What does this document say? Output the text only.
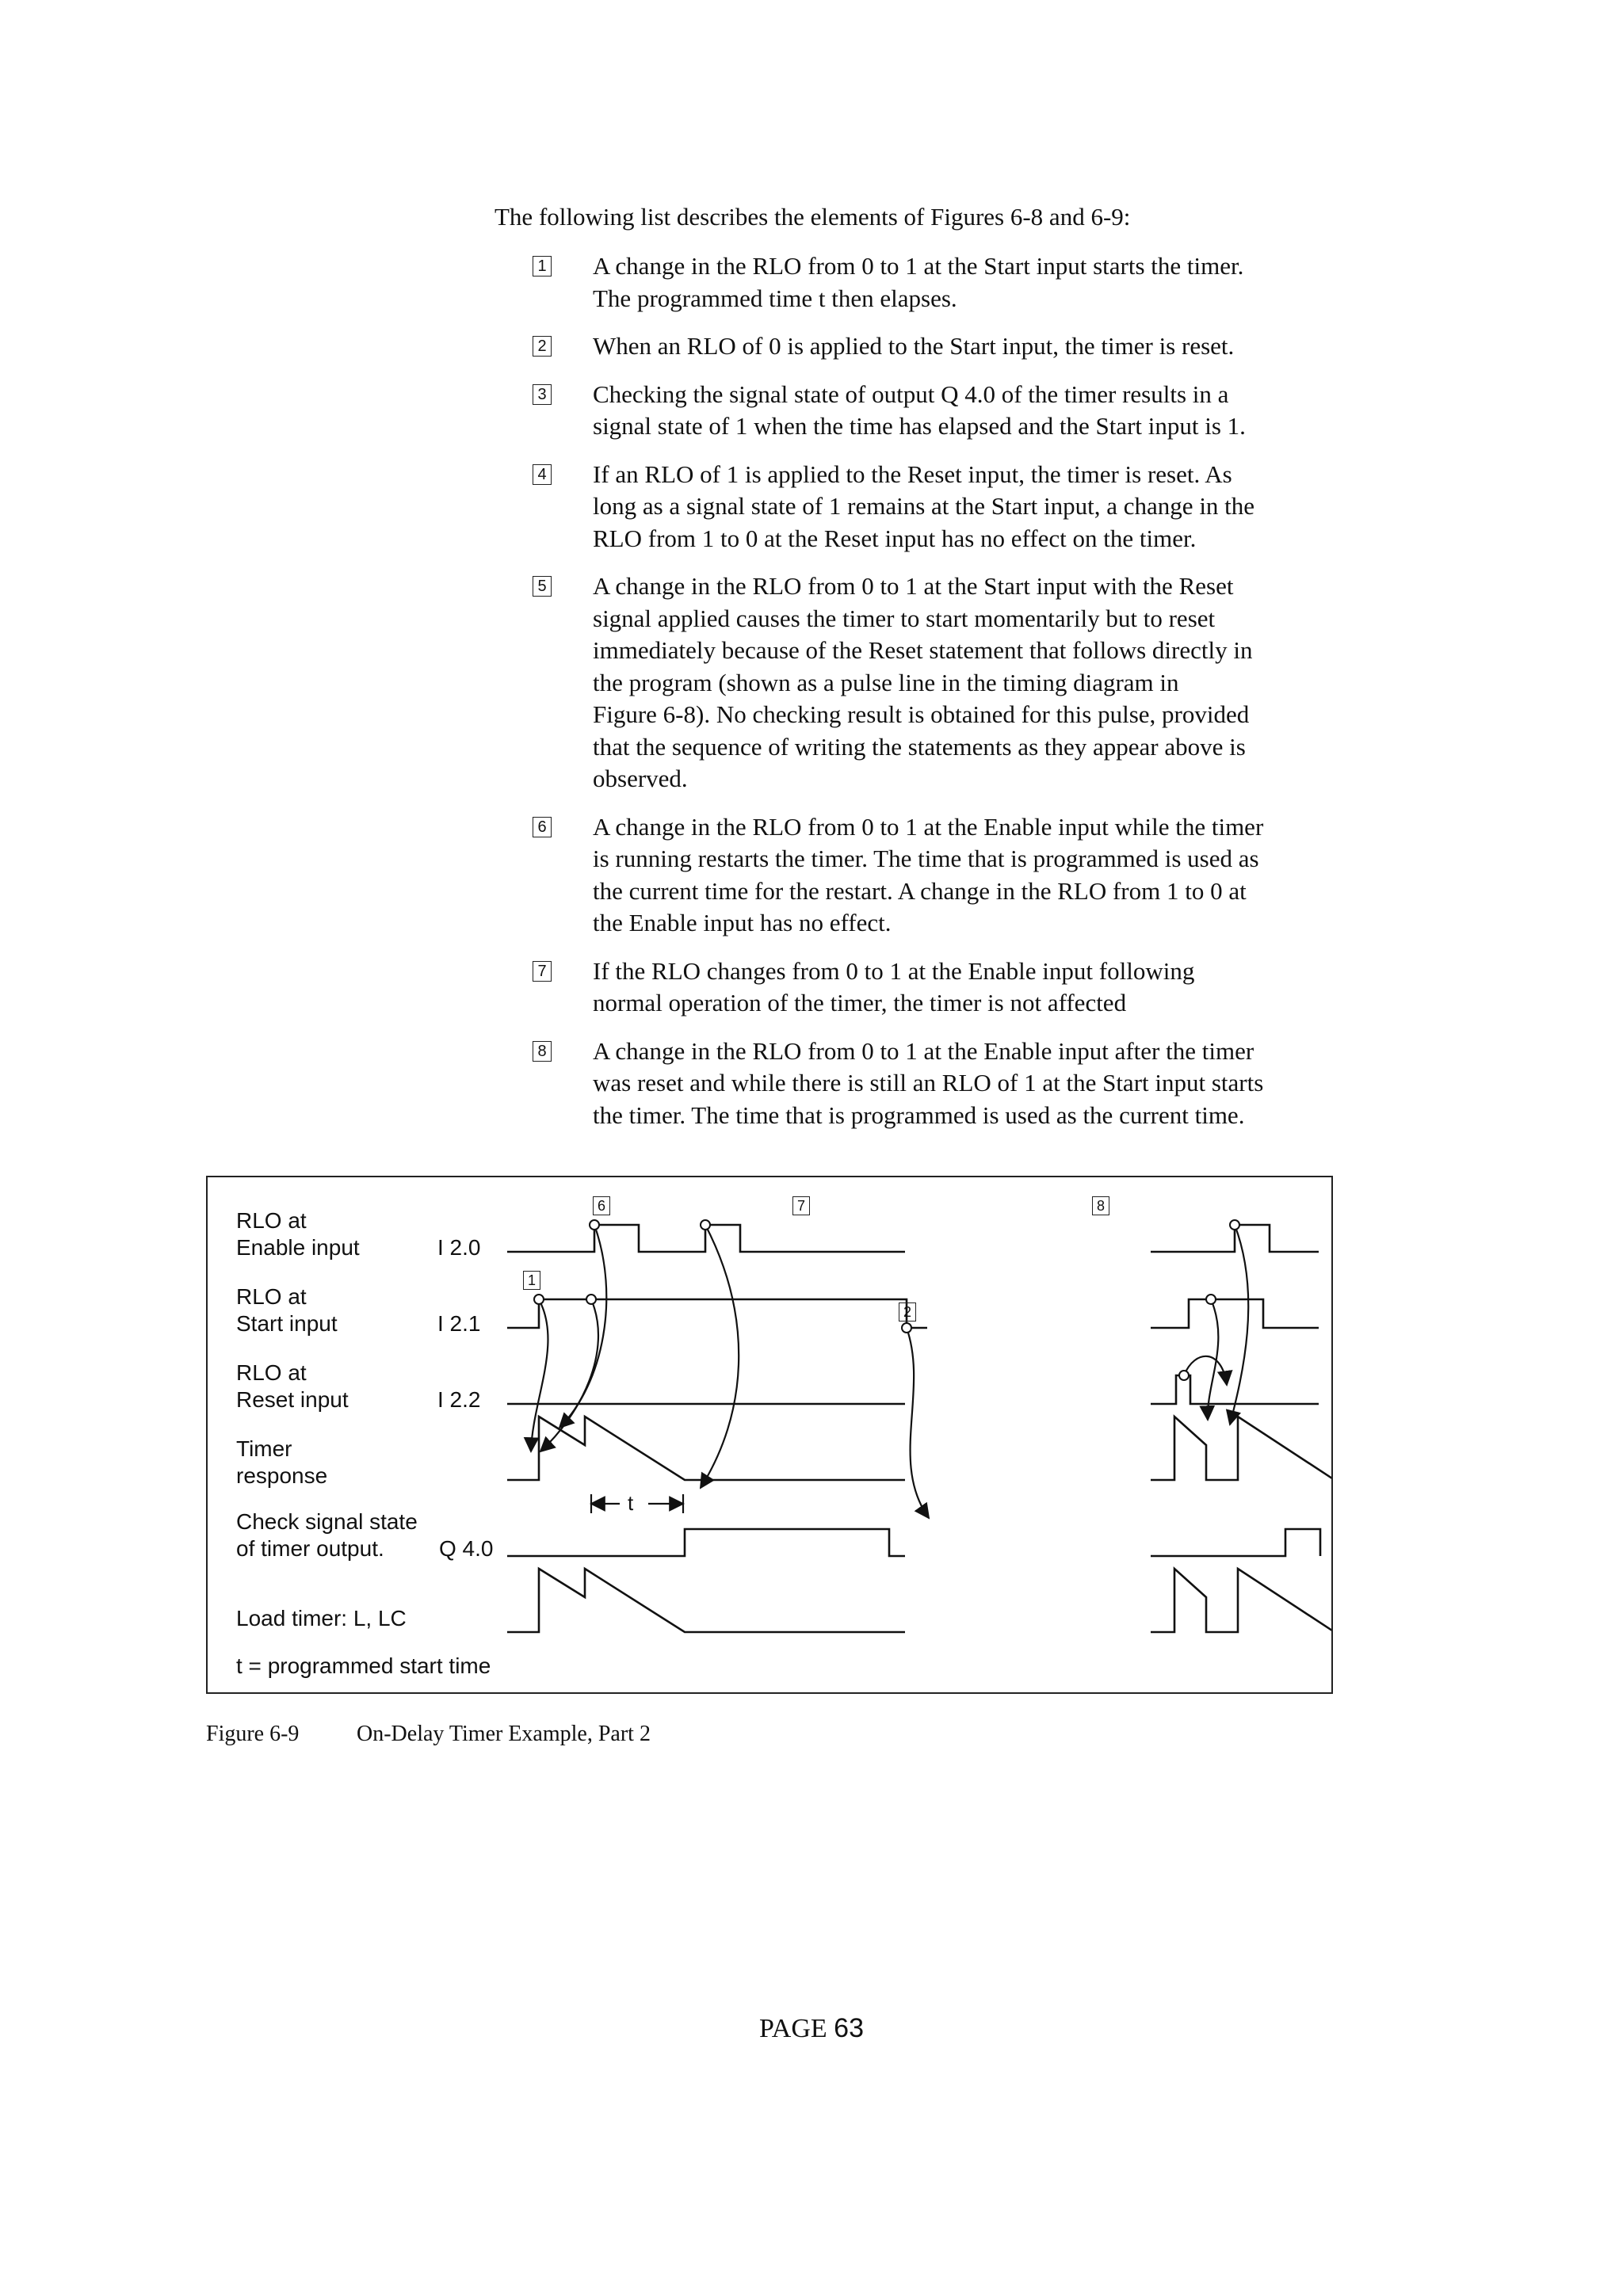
The following list describes the elements of Figures 6-8 and 6-9:

1 A change in the RLO from 0 to 1 at the Start input starts the timer.
The programmed time t then elapses.
2 When an RLO of 0 is applied to the Start input, the timer is reset.
3 Checking the signal state of output Q 4.0 of the timer results in a
signal state of 1 when the time has elapsed and the Start input is 1.
4 If an RLO of 1 is applied to the Reset input, the timer is reset. As
long as a signal state of 1 remains at the Start input, a change in the
RLO from 1 to 0 at the Reset input has no effect on the timer.
5 A change in the RLO from 0 to 1 at the Start input with the Reset
signal applied causes the timer to start momentarily but to reset
immediately because of the Reset statement that follows directly in
the program (shown as a pulse line in the timing diagram in
Figure 6-8). No checking result is obtained for this pulse, provided
that the sequence of writing the statements as they appear above is
observed.
6 A change in the RLO from 0 to 1 at the Enable input while the timer
is running restarts the timer. The time that is programmed is used as
the current time for the restart. A change in the RLO from 1 to 0 at
the Enable input has no effect.
7 If the RLO changes from 0 to 1 at the Enable input following
normal operation of the timer, the timer is not affected
8 A change in the RLO from 0 to 1 at the Enable input after the timer
was reset and while there is still an RLO of 1 at the Start input starts
the timer. The time that is programmed is used as the current time.
RLO at
Enable input	I 2.0
RLO at
Start input	I 2.1
RLO at
Reset input	I 2.2
Timer
response
Check signal state
of timer output.	Q 4.0
Load timer: L, LC
t = programmed start time
6	7	8
1
2
t
Figure 6-9	On-Delay Timer Example, Part 2
PAGE 63
